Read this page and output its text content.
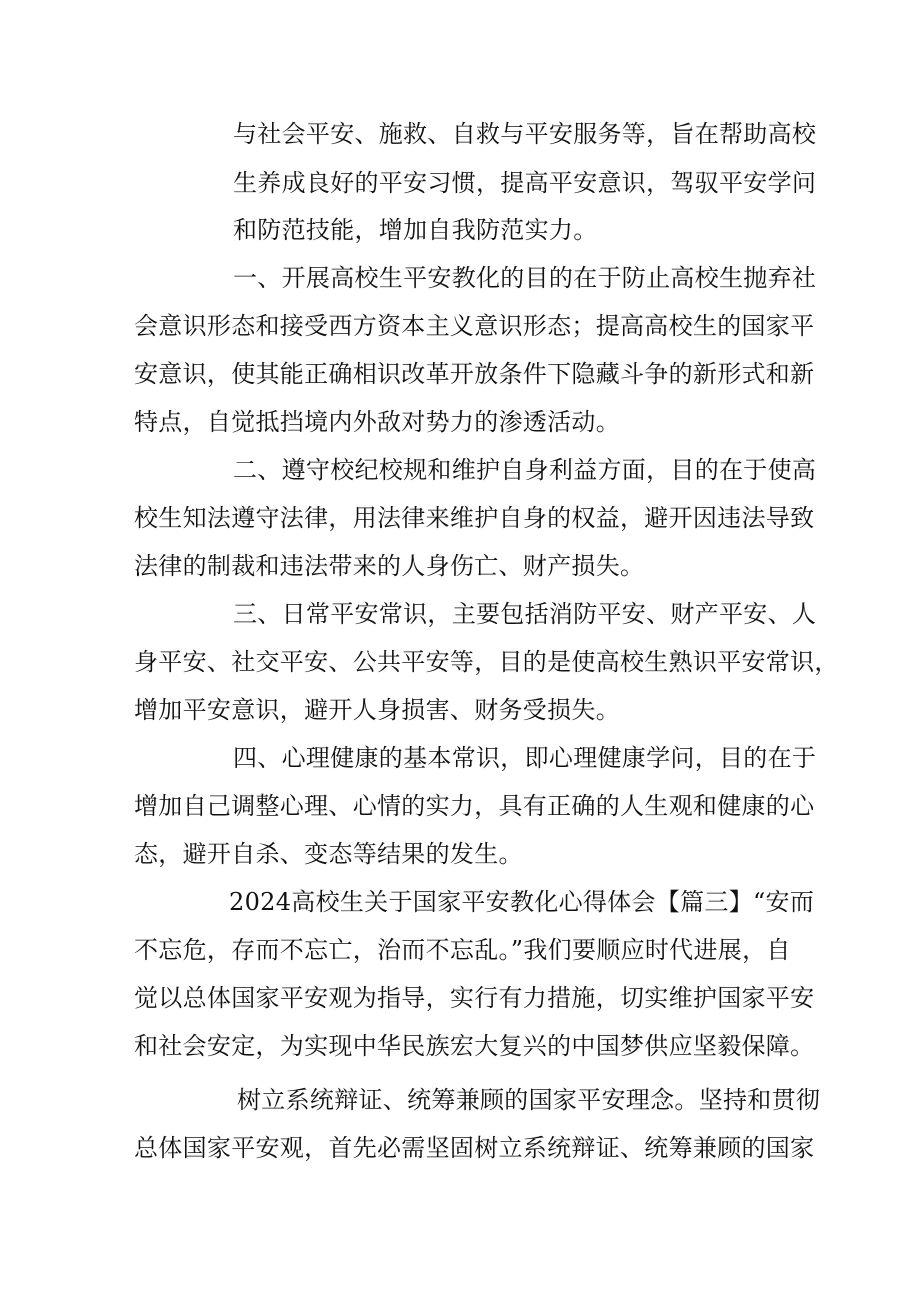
与社会平安、施救、自救与平安服务等，旨在帮助高校
生养成良好的平安习惯，提高平安意识，驾驭平安学问
和防范技能，增加自我防范实力。
一、开展高校生平安教化的目的在于防止高校生抛弃社
会意识形态和接受西方资本主义意识形态；提高高校生的国家平
安意识，使其能正确相识改革开放条件下隐藏斗争的新形式和新
特点，自觉抵挡境内外敌对势力的渗透活动。
二、遵守校纪校规和维护自身利益方面，目的在于使高
校生知法遵守法律，用法律来维护自身的权益，避开因违法导致
法律的制裁和违法带来的人身伤亡、财产损失。
三、日常平安常识，主要包括消防平安、财产平安、人
身平安、社交平安、公共平安等，目的是使高校生熟识平安常识，
增加平安意识，避开人身损害、财务受损失。
四、心理健康的基本常识，即心理健康学问，目的在于
增加自己调整心理、心情的实力，具有正确的人生观和健康的心
态，避开自杀、变态等结果的发生。
2024高校生关于国家平安教化心得体会【篇三】“安而
不忘危，存而不忘亡，治而不忘乱。”我们要顺应时代进展，自
觉以总体国家平安观为指导，实行有力措施，切实维护国家平安
和社会安定，为实现中华民族宏大复兴的中国梦供应坚毅保障。
树立系统辩证、统筹兼顾的国家平安理念。坚持和贯彻
总体国家平安观，首先必需坚固树立系统辩证、统筹兼顾的国家
